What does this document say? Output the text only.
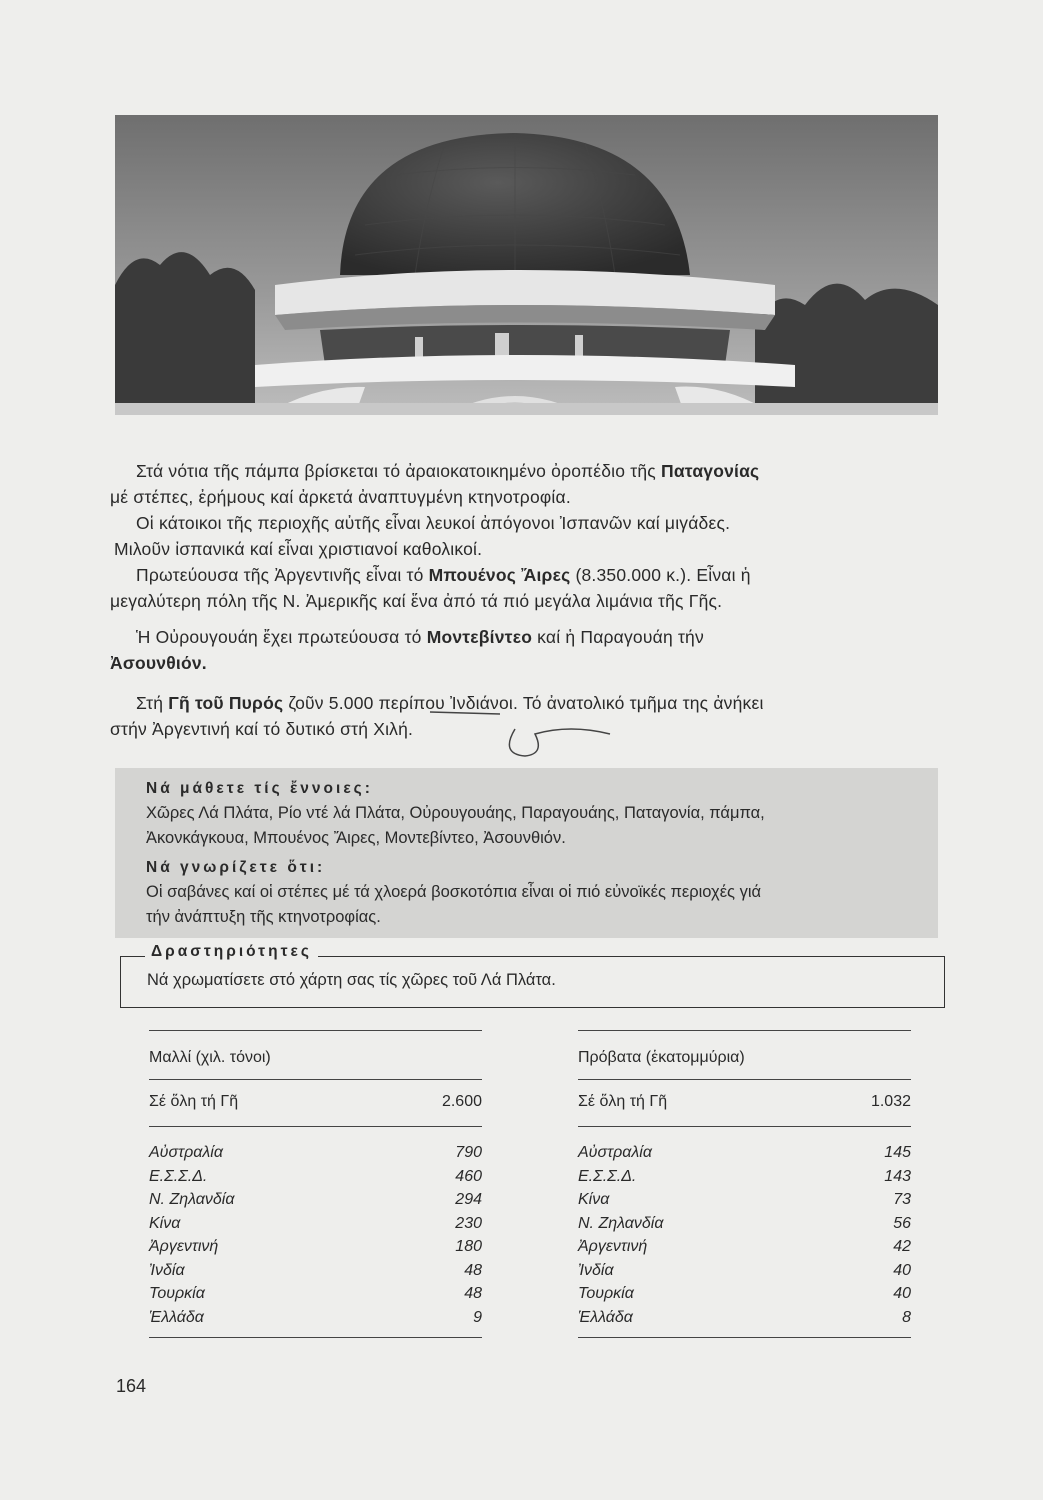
Στά νότια τῆς πάμπα βρίσκεται τό ἀραιοκατοικημένο ὀροπέδιο τῆς Παταγονίας
μέ στέπες, ἐρήμους καί ἀρκετά ἀναπτυγμένη κτηνοτροφία.
Οἱ κάτοικοι τῆς περιοχῆς αὐτῆς εἶναι λευκοί ἀπόγονοι Ἰσπανῶν καί μιγάδες.
Μιλοῦν ἰσπανικά καί εἶναι χριστιανοί καθολικοί.
Πρωτεύουσα τῆς Ἀργεντινῆς εἶναι τό Μπουένος Ἄιρες (8.350.000 κ.). Εἶναι ἡ
μεγαλύτερη πόλη τῆς Ν. Ἀμερικῆς καί ἕνα ἀπό τά πιό μεγάλα λιμάνια τῆς Γῆς.
Ἡ Οὐρουγουάη ἔχει πρωτεύουσα τό Μοντεβίντεο καί ἡ Παραγουάη τήν
Ἀσουνθιόν.
Στή Γῆ τοῦ Πυρός ζοῦν 5.000 περίπου Ἰνδιάνοι. Τό ἀνατολικό τμῆμα της ἀνήκει
στήν Ἀργεντινή καί τό δυτικό στή Χιλή.
Νά μάθετε τίς ἔννοιες:
Χῶρες Λά Πλάτα, Ρίο ντέ λά Πλάτα, Οὐρουγουάης, Παραγουάης, Παταγονία, πάμπα,
Ἀκονκάγκουα, Μπουένος Ἄιρες, Μοντεβίντεο, Ἀσουνθιόν.
Νά γνωρίζετε ὅτι:
Οἱ σαβάνες καί οἱ στέπες μέ τά χλοερά βοσκοτόπια εἶναι οἱ πιό εὐνοϊκές περιοχές γιά
τήν ἀνάπτυξη τῆς κτηνοτροφίας.
Δραστηριότητες
Νά χρωματίσετε στό χάρτη σας τίς χῶρες τοῦ Λά Πλάτα.
Μαλλί (χιλ. τόνοι)
Σέ ὅλη τή Γῆ	2.600
Αὐστραλία	790
Ε.Σ.Σ.Δ.	460
Ν. Ζηλανδία	294
Κίνα	230
Ἀργεντινή	180
Ἰνδία	48
Τουρκία	48
Ἑλλάδα	9
Πρόβατα (ἑκατομμύρια)
Σέ ὅλη τή Γῆ	1.032
Αὐστραλία	145
Ε.Σ.Σ.Δ.	143
Κίνα	73
Ν. Ζηλανδία	56
Ἀργεντινή	42
Ἰνδία	40
Τουρκία	40
Ἑλλάδα	8
164
